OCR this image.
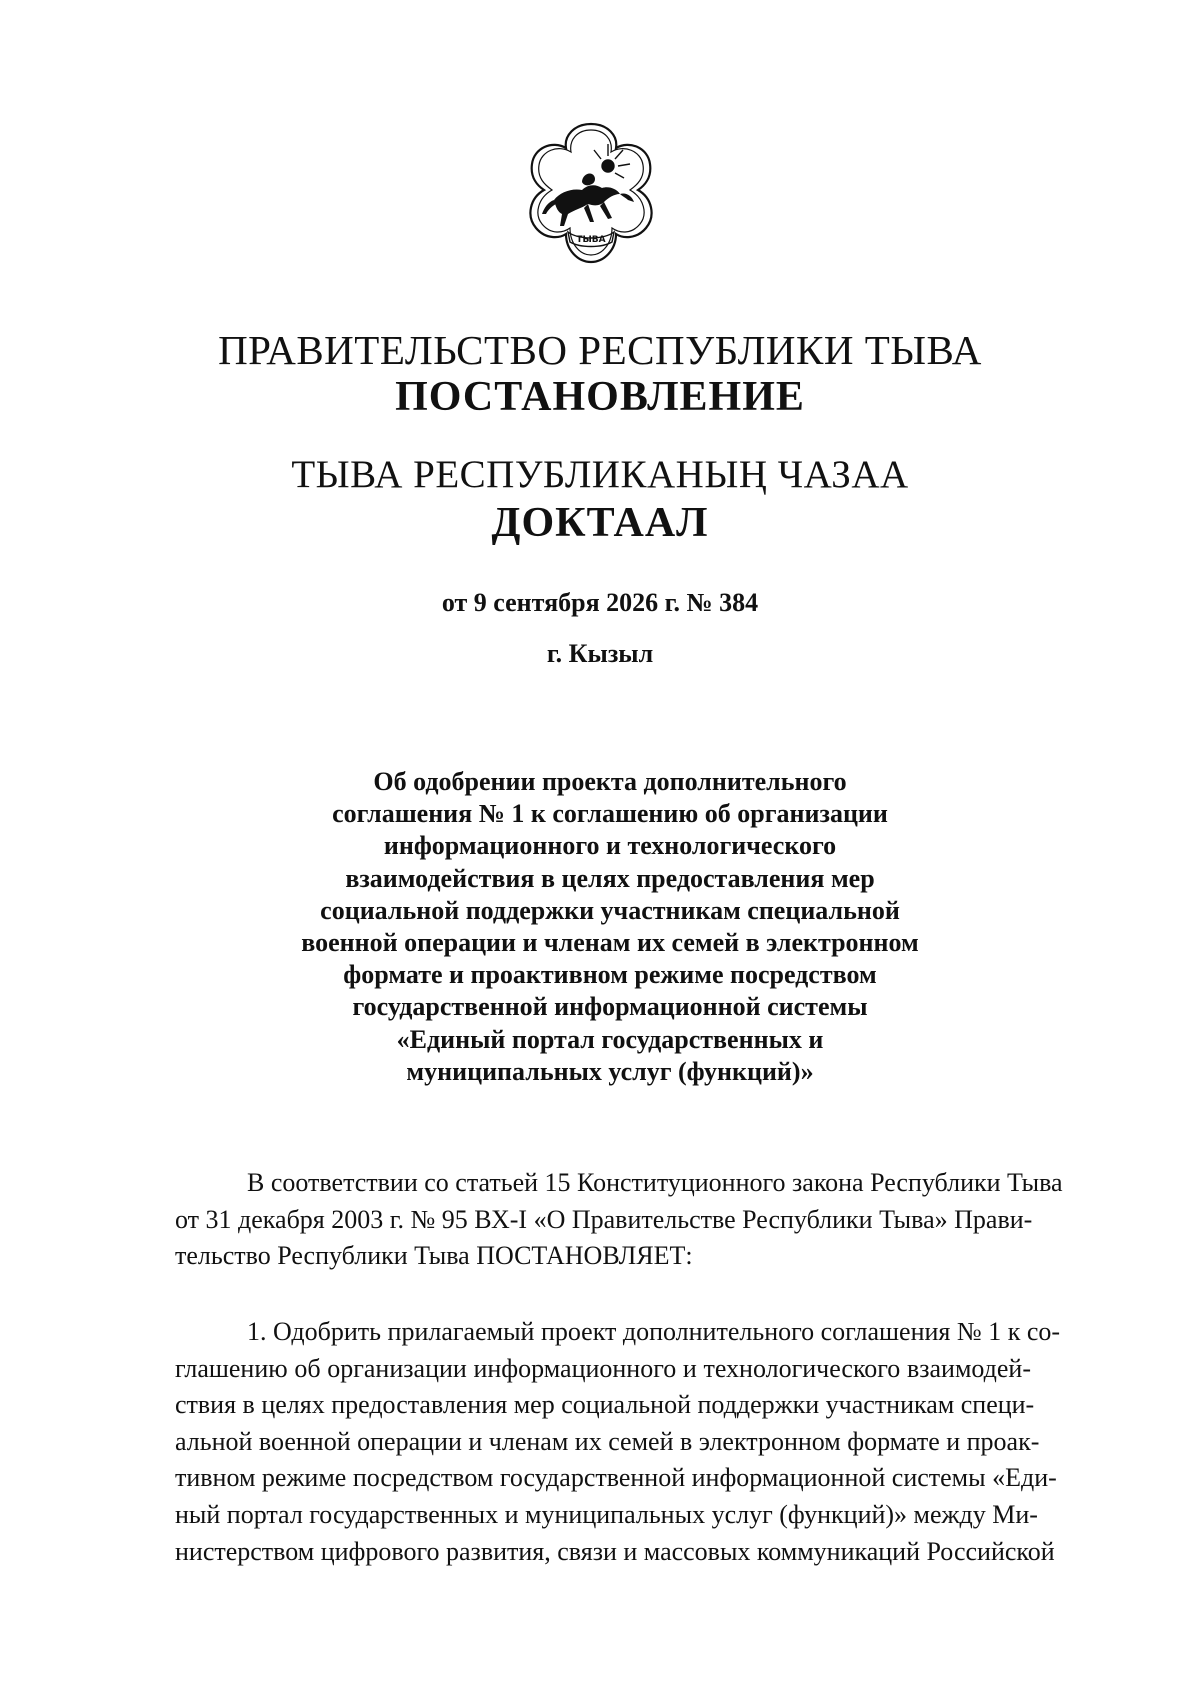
ТЫВА
ПРАВИТЕЛЬСТВО РЕСПУБЛИКИ ТЫВА
ПОСТАНОВЛЕНИЕ
ТЫВА РЕСПУБЛИКАНЫҢ ЧАЗАА
ДОКТААЛ
от 9 сентября 2026 г. № 384
г. Кызыл
Об одобрении проекта дополнительного
соглашения № 1 к соглашению об организации
информационного и технологического
взаимодействия в целях предоставления мер
социальной поддержки участникам специальной
военной операции и членам их семей в электронном
формате и проактивном режиме посредством
государственной информационной системы
«Единый портал государственных и
муниципальных услуг (функций)»
В соответствии со статьей 15 Конституционного закона Республики Тыва
от 31 декабря 2003 г. № 95 ВХ-I «О Правительстве Республики Тыва» Прави-
тельство Республики Тыва ПОСТАНОВЛЯЕТ:
1. Одобрить прилагаемый проект дополнительного соглашения № 1 к со-
глашению об организации информационного и технологического взаимодей-
ствия в целях предоставления мер социальной поддержки участникам специ-
альной военной операции и членам их семей в электронном формате и проак-
тивном режиме посредством государственной информационной системы «Еди-
ный портал государственных и муниципальных услуг (функций)» между Ми-
нистерством цифрового развития, связи и массовых коммуникаций Российской
